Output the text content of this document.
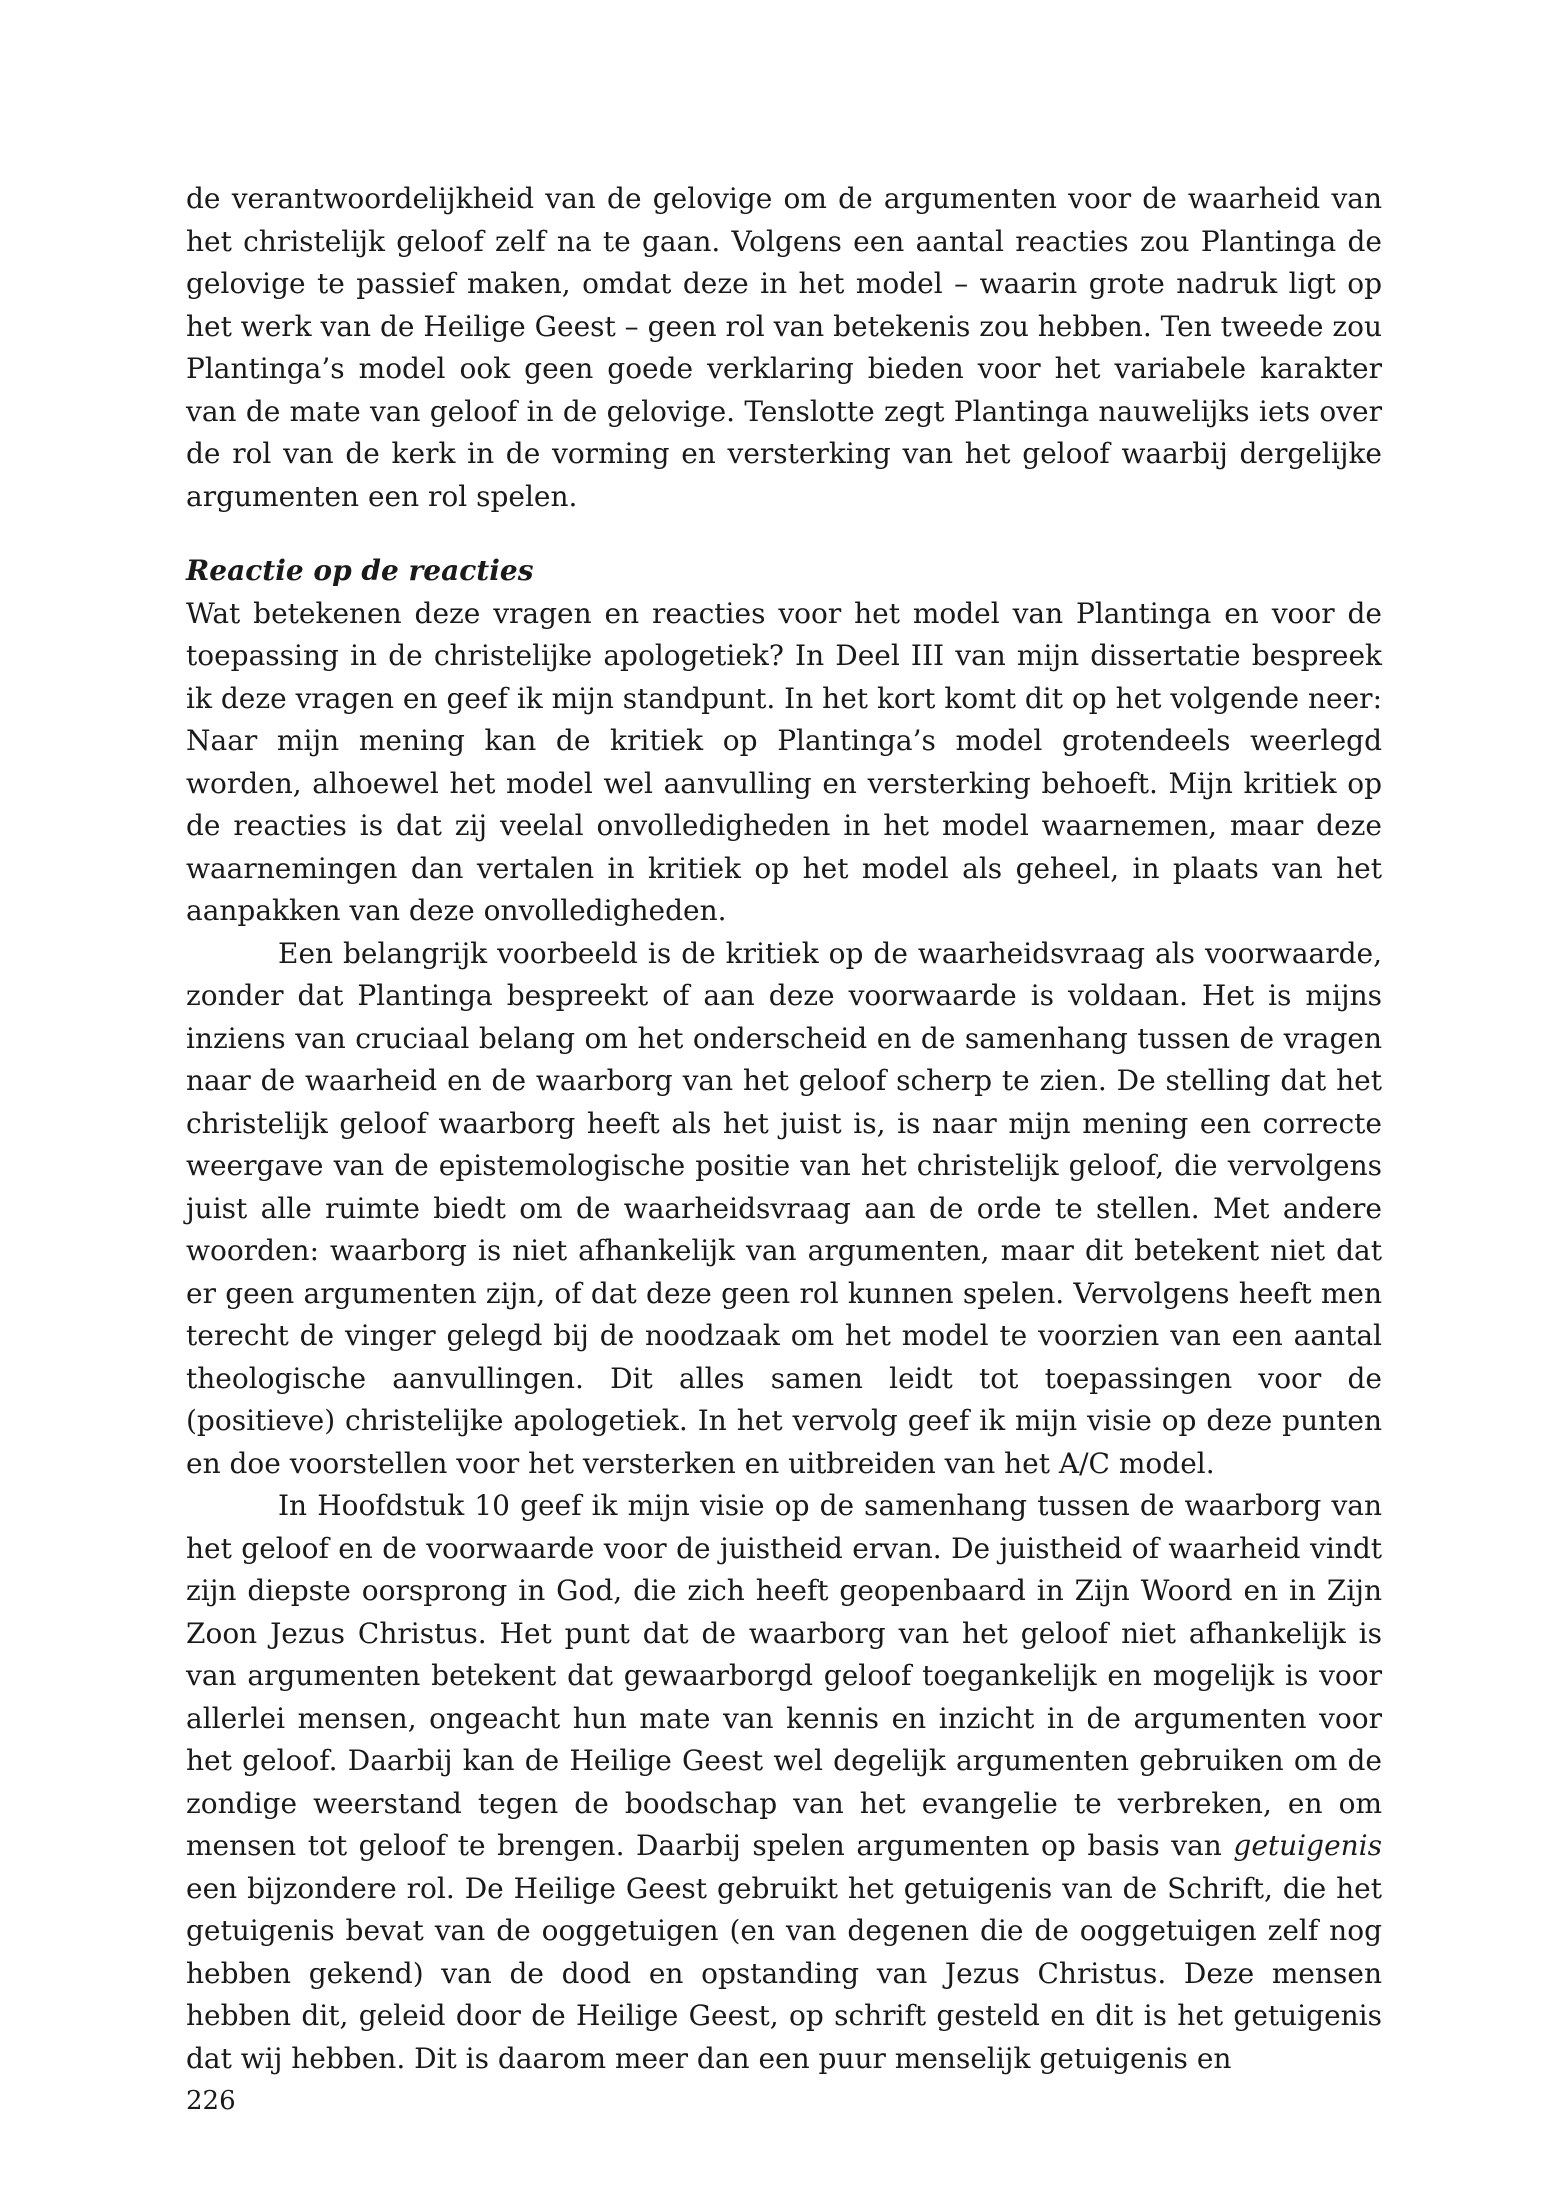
de verantwoordelijkheid van de gelovige om de argumenten voor de waarheid van het christelijk geloof zelf na te gaan. Volgens een aantal reacties zou Plantinga de gelovige te passief maken, omdat deze in het model – waarin grote nadruk ligt op het werk van de Heilige Geest – geen rol van betekenis zou hebben. Ten tweede zou Plantinga’s model ook geen goede verklaring bieden voor het variabele karakter van de mate van geloof in de gelovige. Tenslotte zegt Plantinga nauwelijks iets over de rol van de kerk in de vorming en versterking van het geloof waarbij dergelijke argumenten een rol spelen.

Reactie op de reacties

Wat betekenen deze vragen en reacties voor het model van Plantinga en voor de toepassing in de christelijke apologetiek? In Deel III van mijn dissertatie bespreek ik deze vragen en geef ik mijn standpunt. In het kort komt dit op het volgende neer: Naar mijn mening kan de kritiek op Plantinga’s model grotendeels weerlegd worden, alhoewel het model wel aanvulling en versterking behoeft. Mijn kritiek op de reacties is dat zij veelal onvolledigheden in het model waarnemen, maar deze waarnemingen dan vertalen in kritiek op het model als geheel, in plaats van het aanpakken van deze onvolledigheden.

Een belangrijk voorbeeld is de kritiek op de waarheidsvraag als voorwaarde, zonder dat Plantinga bespreekt of aan deze voorwaarde is voldaan. Het is mijns inziens van cruciaal belang om het onderscheid en de samenhang tussen de vragen naar de waarheid en de waarborg van het geloof scherp te zien. De stelling dat het christelijk geloof waarborg heeft als het juist is, is naar mijn mening een correcte weergave van de epistemologische positie van het christelijk geloof, die vervolgens juist alle ruimte biedt om de waarheidsvraag aan de orde te stellen. Met andere woorden: waarborg is niet afhankelijk van argumenten, maar dit betekent niet dat er geen argumenten zijn, of dat deze geen rol kunnen spelen. Vervolgens heeft men terecht de vinger gelegd bij de noodzaak om het model te voorzien van een aantal theologische aanvullingen. Dit alles samen leidt tot toepassingen voor de (positieve) christelijke apologetiek. In het vervolg geef ik mijn visie op deze punten en doe voorstellen voor het versterken en uitbreiden van het A/C model.

In Hoofdstuk 10 geef ik mijn visie op de samenhang tussen de waarborg van het geloof en de voorwaarde voor de juistheid ervan. De juistheid of waarheid vindt zijn diepste oorsprong in God, die zich heeft geopenbaard in Zijn Woord en in Zijn Zoon Jezus Christus. Het punt dat de waarborg van het geloof niet afhankelijk is van argumenten betekent dat gewaarborgd geloof toegankelijk en mogelijk is voor allerlei mensen, ongeacht hun mate van kennis en inzicht in de argumenten voor het geloof. Daarbij kan de Heilige Geest wel degelijk argumenten gebruiken om de zondige weerstand tegen de boodschap van het evangelie te verbreken, en om mensen tot geloof te brengen. Daarbij spelen argumenten op basis van getuigenis een bijzondere rol. De Heilige Geest gebruikt het getuigenis van de Schrift, die het getuigenis bevat van de ooggetuigen (en van degenen die de ooggetuigen zelf nog hebben gekend) van de dood en opstanding van Jezus Christus. Deze mensen hebben dit, geleid door de Heilige Geest, op schrift gesteld en dit is het getuigenis dat wij hebben. Dit is daarom meer dan een puur menselijk getuigenis en

226
